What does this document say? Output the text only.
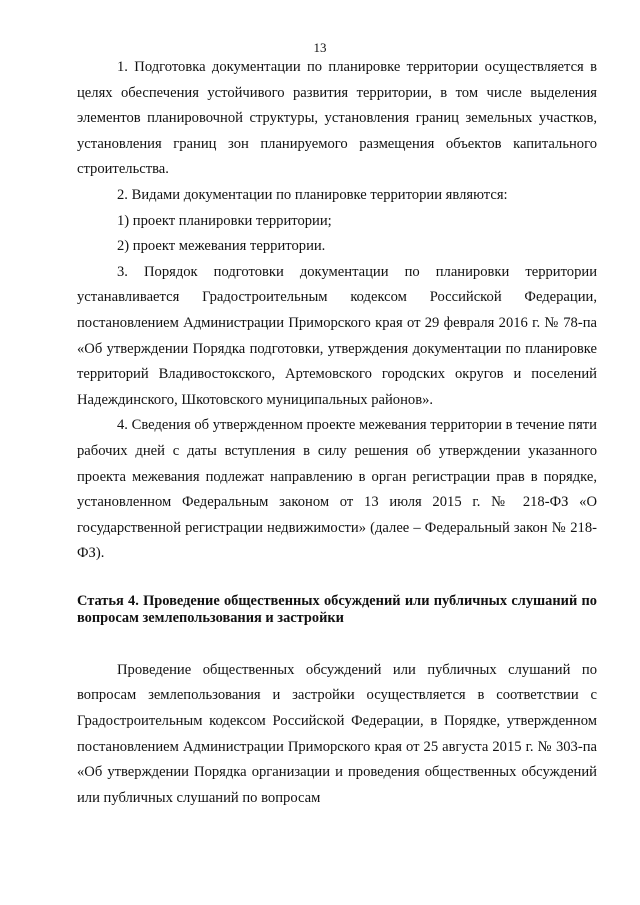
13

1. Подготовка документации по планировке территории осуществляется в целях обеспечения устойчивого развития территории, в том числе выделения элементов планировочной структуры, установления границ земельных участков, установления границ зон планируемого размещения объектов капитального строительства.

2. Видами документации по планировке территории являются:

1) проект планировки территории;

2) проект межевания территории.

3. Порядок подготовки документации по планировки территории устанавливается Градостроительным кодексом Российской Федерации, постановлением Администрации Приморского края от 29 февраля 2016 г. № 78-па «Об утверждении Порядка подготовки, утверждения документации по планировке территорий Владивостокского, Артемовского городских округов и поселений Надеждинского, Шкотовского муниципальных районов».

4. Сведения об утвержденном проекте межевания территории в течение пяти рабочих дней с даты вступления в силу решения об утверждении указанного проекта межевания подлежат направлению в орган регистрации прав в порядке, установленном Федеральным законом от 13 июля 2015 г. № 218-ФЗ «О государственной регистрации недвижимости» (далее – Федеральный закон № 218-ФЗ).

Статья 4. Проведение общественных обсуждений или публичных слушаний по вопросам землепользования и застройки

Проведение общественных обсуждений или публичных слушаний по вопросам землепользования и застройки осуществляется в соответствии с Градостроительным кодексом Российской Федерации, в Порядке, утвержденном постановлением Администрации Приморского края от 25 августа 2015 г. № 303-па «Об утверждении Порядка организации и проведения общественных обсуждений или публичных слушаний по вопросам
